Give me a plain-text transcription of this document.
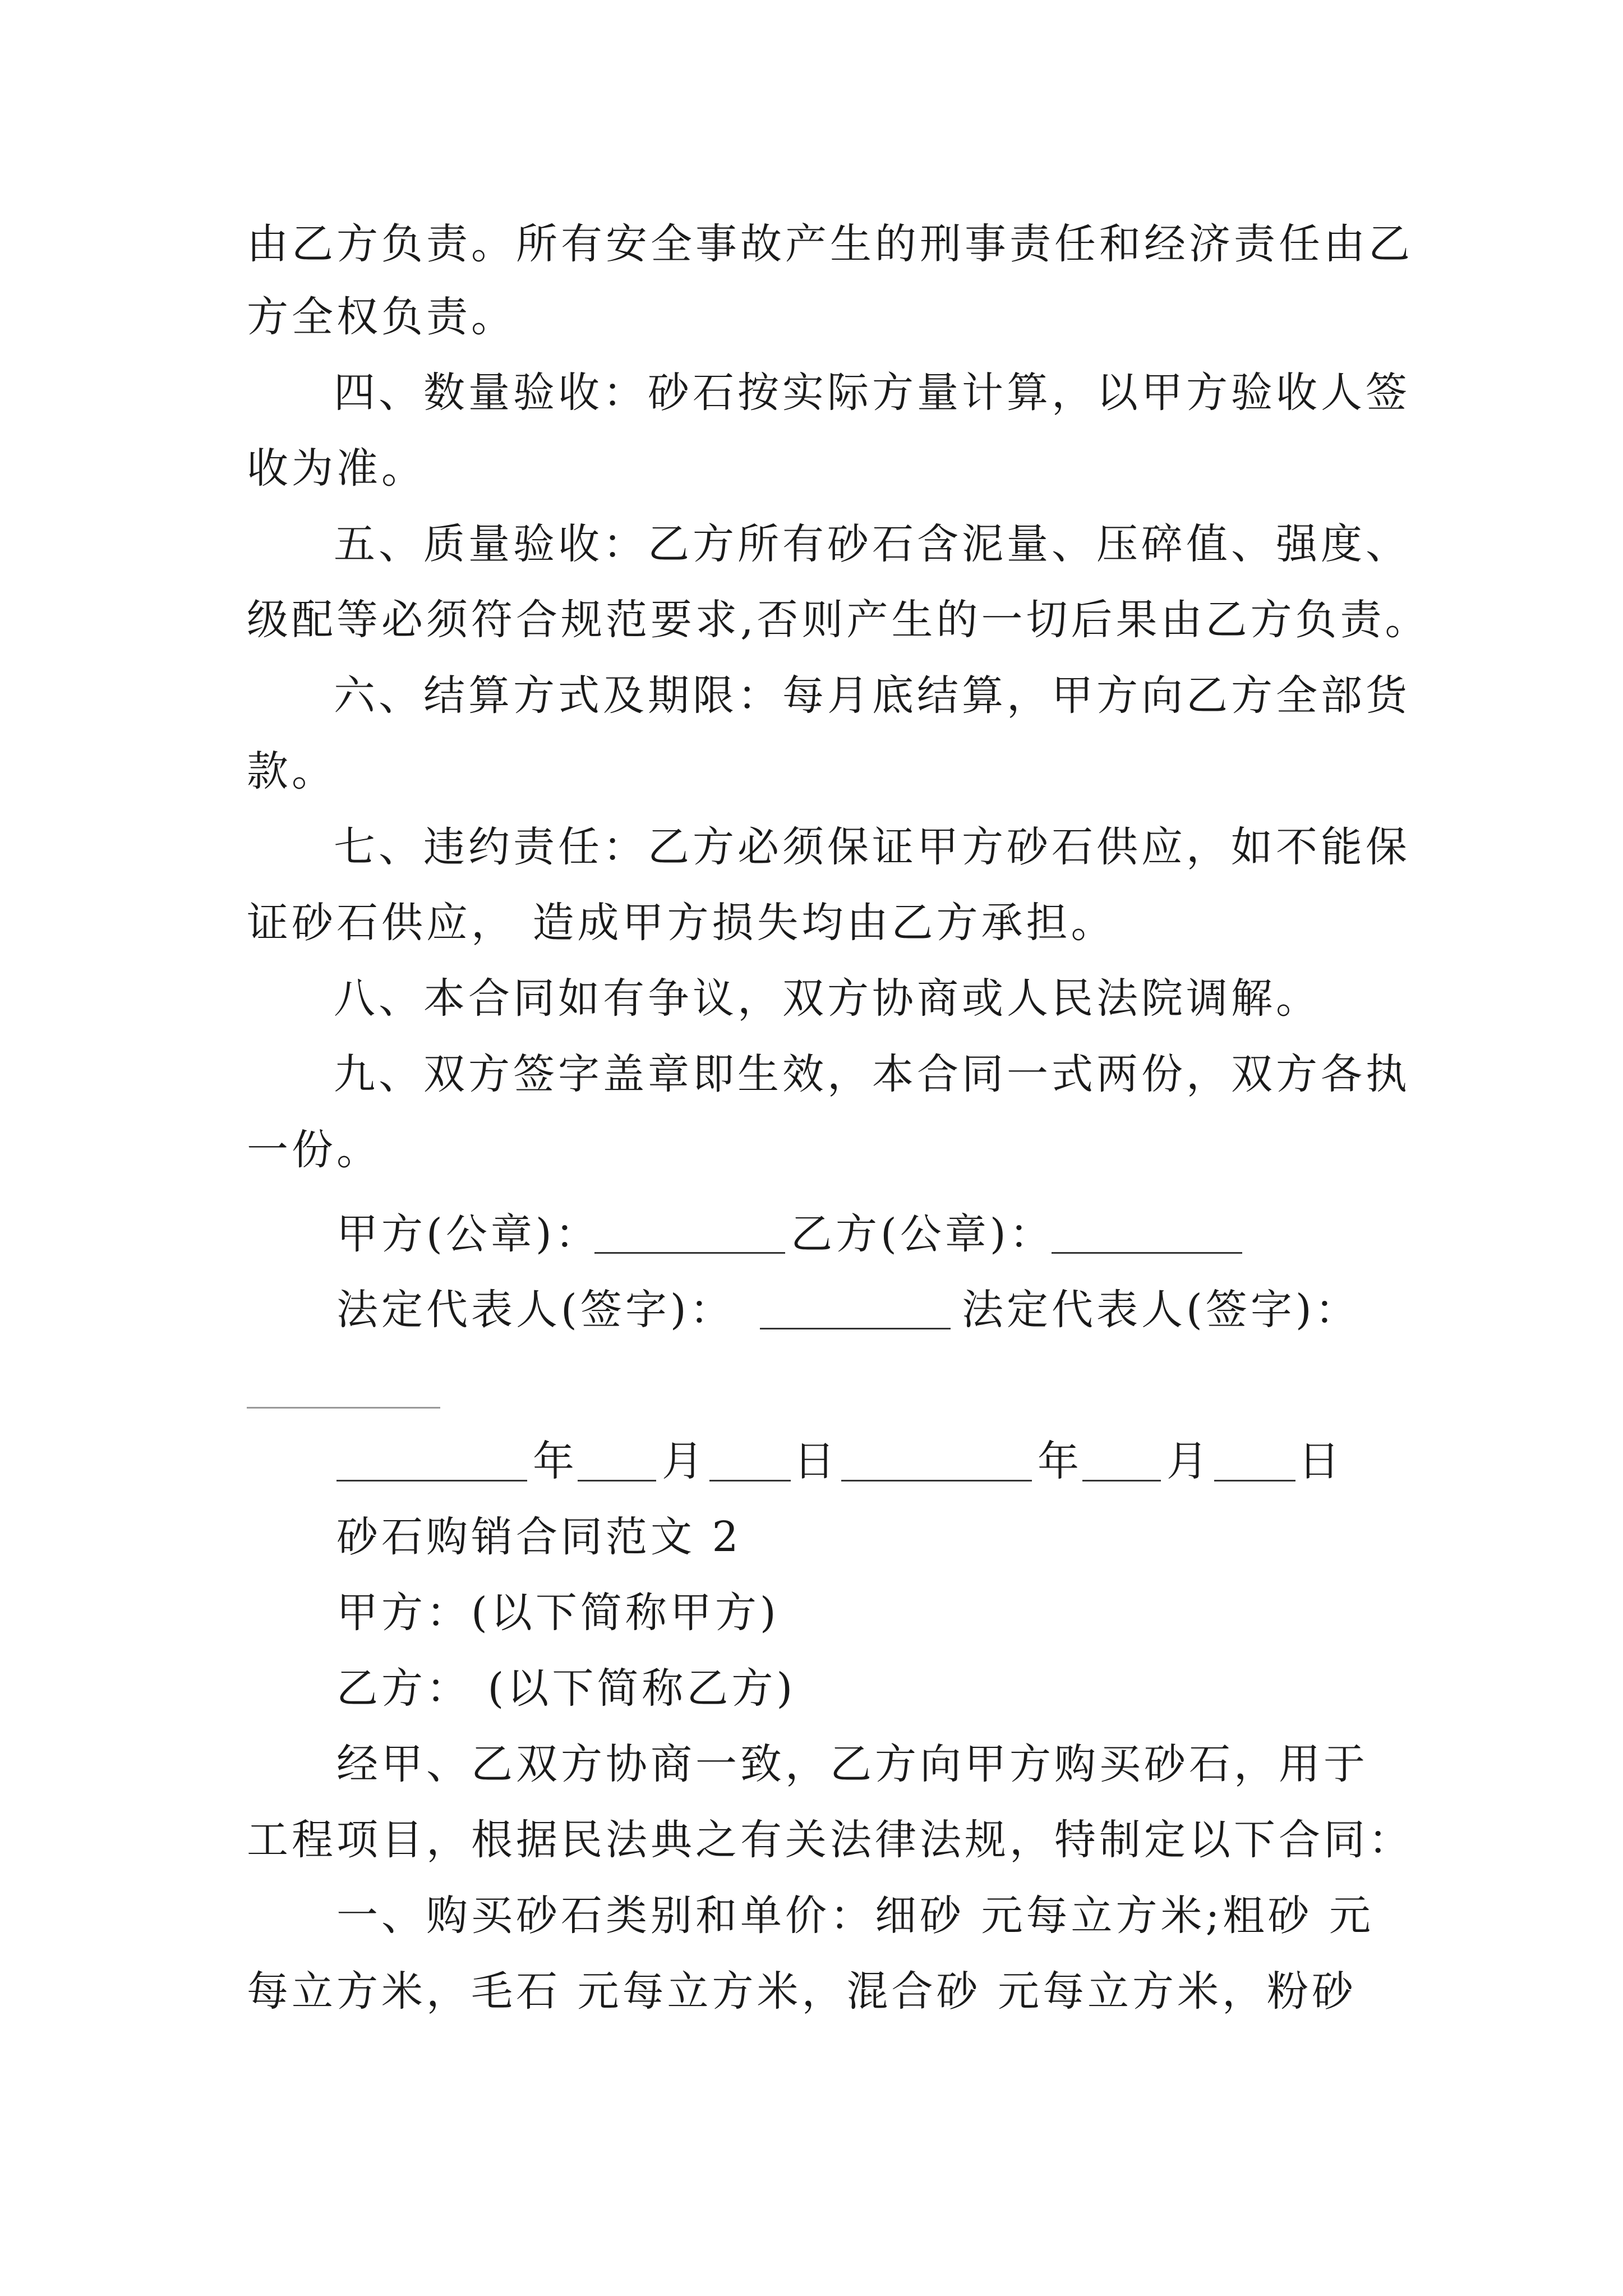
由乙方负责。所有安全事故产生的刑事责任和经济责任由乙
方全权负责。
四、数量验收：砂石按实际方量计算，以甲方验收人签
收为准。
五、质量验收：乙方所有砂石含泥量、压碎值、强度、
级配等必须符合规范要求,否则产生的一切后果由乙方负责。
六、结算方式及期限：每月底结算，甲方向乙方全部货
款。
七、违约责任：乙方必须保证甲方砂石供应，如不能保
证砂石供应， 造成甲方损失均由乙方承担。
八、本合同如有争议，双方协商或人民法院调解。
九、双方签字盖章即生效，本合同一式两份，双方各执
一份。
甲方(公章)：	乙方(公章)：
法定代表人(签字)：	法定代表人(签字)：
年 月 日	年 月 日
砂石购销合同范文 2
甲方：(以下简称甲方)
乙方： (以下简称乙方)
经甲、乙双方协商一致，乙方向甲方购买砂石，用于
工程项目，根据民法典之有关法律法规，特制定以下合同：
一、购买砂石类别和单价：细砂 元每立方米;粗砂 元
每立方米，毛石 元每立方米，混合砂 元每立方米，粉砂
